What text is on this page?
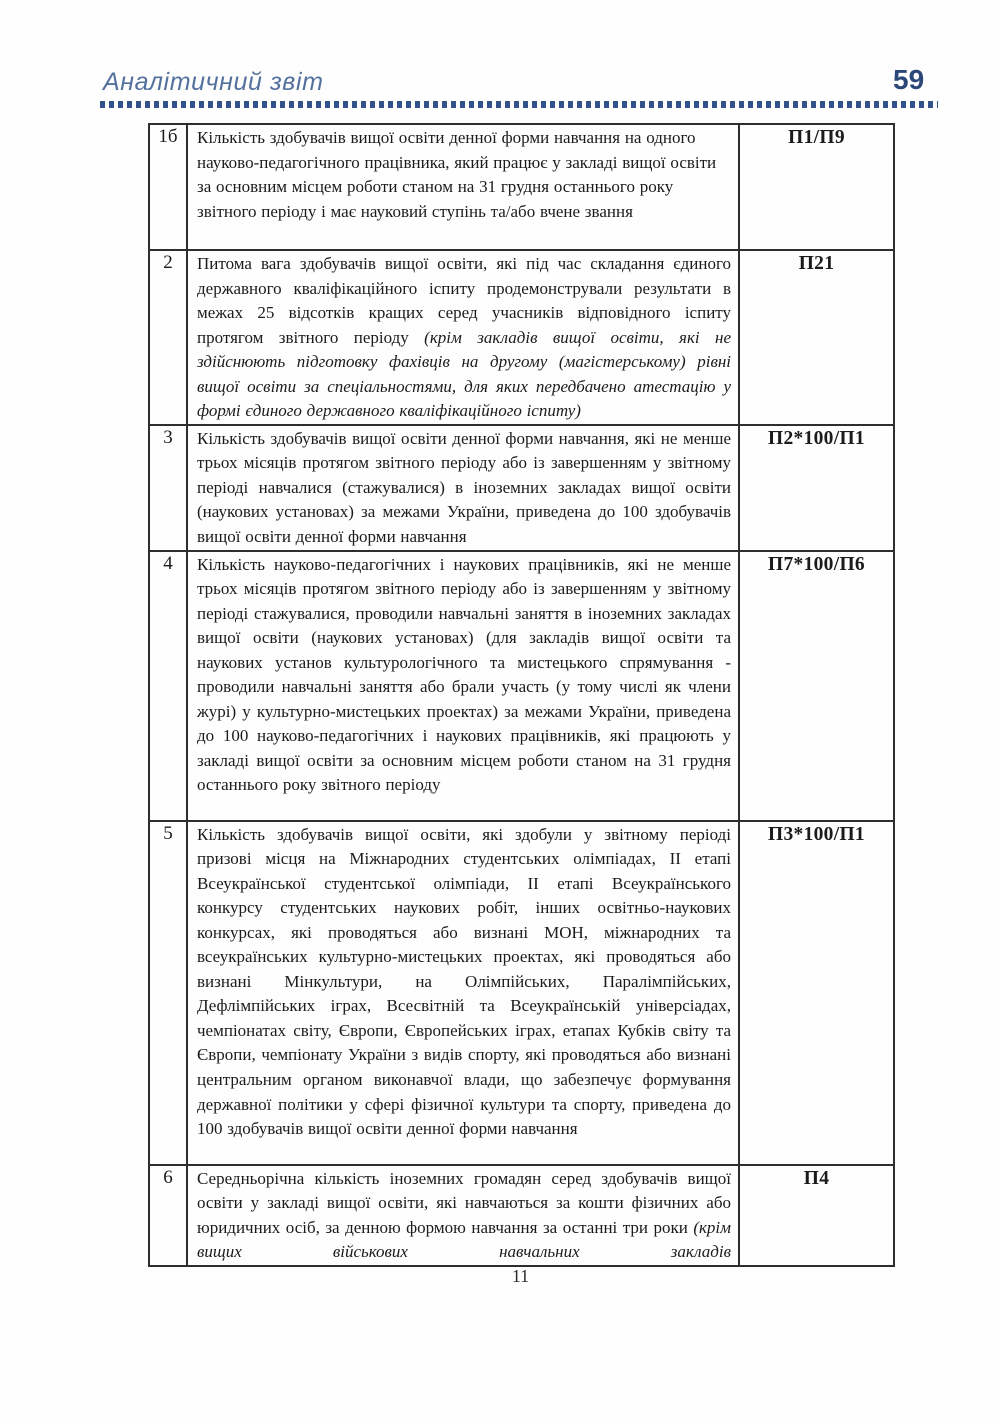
Аналітичний звіт	59
1б	Кількість здобувачів вищої освіти денної форми навчання на одного науково-педагогічного працівника, який працює у закладі вищої освіти за основним місцем роботи станом на 31 грудня останнього року звітного періоду і має науковий ступінь та/або вчене звання	П1/П9
2	Питома вага здобувачів вищої освіти, які під час складання єдиного державного кваліфікаційного іспиту продемонстрували результати в межах 25 відсотків кращих серед учасників відповідного іспиту протягом звітного періоду (крім закладів вищої освіти, які не здійснюють підготовку фахівців на другому (магістерському) рівні вищої освіти за спеціальностями, для яких передбачено атестацію у формі єдиного державного кваліфікаційного іспиту)	П21
3	Кількість здобувачів вищої освіти денної форми навчання, які не менше трьох місяців протягом звітного періоду або із завершенням у звітному періоді навчалися (стажувалися) в іноземних закладах вищої освіти (наукових установах) за межами України, приведена до 100 здобувачів вищої освіти денної форми навчання	П2*100/П1
4	Кількість науково-педагогічних і наукових працівників, які не менше трьох місяців протягом звітного періоду або із завершенням у звітному періоді стажувалися, проводили навчальні заняття в іноземних закладах вищої освіти (наукових установах) (для закладів вищої освіти та наукових установ культурологічного та мистецького спрямування - проводили навчальні заняття або брали участь (у тому числі як члени журі) у культурно-мистецьких проектах) за межами України, приведена до 100 науково-педагогічних і наукових працівників, які працюють у закладі вищої освіти за основним місцем роботи станом на 31 грудня останнього року звітного періоду	П7*100/П6
5	Кількість здобувачів вищої освіти, які здобули у звітному періоді призові місця на Міжнародних студентських олімпіадах, ІІ етапі Всеукраїнської студентської олімпіади, ІІ етапі Всеукраїнського конкурсу студентських наукових робіт, інших освітньо-наукових конкурсах, які проводяться або визнані МОН, міжнародних та всеукраїнських культурно-мистецьких проектах, які проводяться або визнані Мінкультури, на Олімпійських, Паралімпійських, Дефлімпійських іграх, Всесвітній та Всеукраїнській універсіадах, чемпіонатах світу, Європи, Європейських іграх, етапах Кубків світу та Європи, чемпіонату України з видів спорту, які проводяться або визнані центральним органом виконавчої влади, що забезпечує формування державної політики у сфері фізичної культури та спорту, приведена до 100 здобувачів вищої освіти денної форми навчання	П3*100/П1
6	Середньорічна кількість іноземних громадян серед здобувачів вищої освіти у закладі вищої освіти, які навчаються за кошти фізичних або юридичних осіб, за денною формою навчання за останні три роки (крім вищих військових навчальних закладів	П4
11
